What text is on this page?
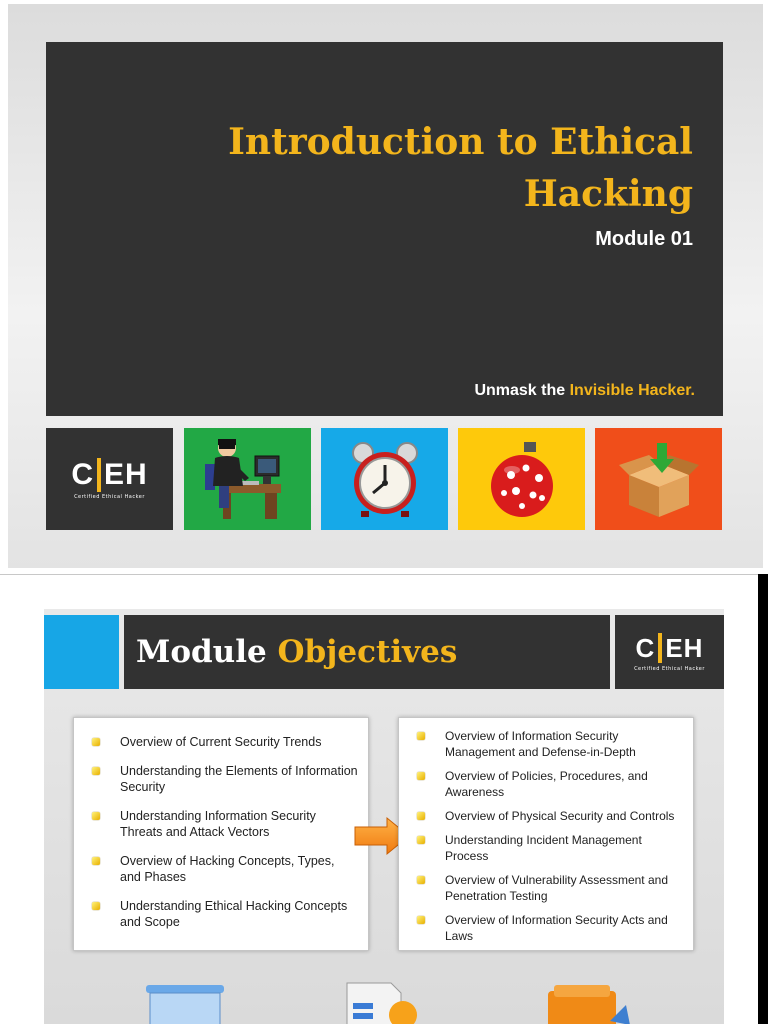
Introduction to Ethical
Hacking
Module 01
Unmask the Invisible Hacker.
C EH
Certified Ethical Hacker
Module Objectives	C EH
Certified Ethical Hacker
Overview of Current Security Trends
Understanding the Elements of Information Security
Understanding Information Security Threats and Attack Vectors
Overview of Hacking Concepts, Types, and Phases
Understanding Ethical Hacking Concepts and Scope
Overview of Information Security Management and Defense-in-Depth
Overview of Policies, Procedures, and Awareness
Overview of Physical Security and Controls
Understanding Incident Management Process
Overview of Vulnerability Assessment and Penetration Testing
Overview of Information Security Acts and Laws
